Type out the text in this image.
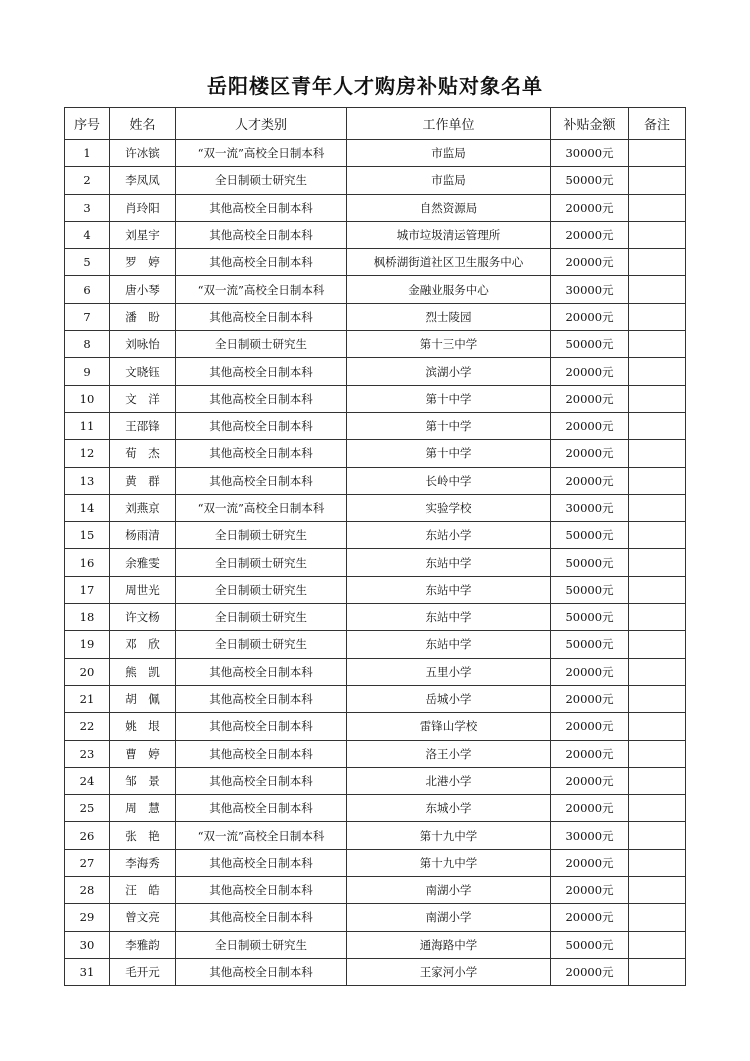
岳阳楼区青年人才购房补贴对象名单
序号	姓名	人才类别	工作单位	补贴金额	备注
1	许冰镔	“双一流”高校全日制本科	市监局	30000元	
2	李凤凤	全日制硕士研究生	市监局	50000元	
3	肖玲阳	其他高校全日制本科	自然资源局	20000元	
4	刘星宇	其他高校全日制本科	城市垃圾清运管理所	20000元	
5	罗　婷	其他高校全日制本科	枫桥湖街道社区卫生服务中心	20000元	
6	唐小琴	“双一流”高校全日制本科	金融业服务中心	30000元	
7	潘　盼	其他高校全日制本科	烈士陵园	20000元	
8	刘咏怡	全日制硕士研究生	第十三中学	50000元	
9	文晓钰	其他高校全日制本科	滨湖小学	20000元	
10	文　洋	其他高校全日制本科	第十中学	20000元	
11	王邵锋	其他高校全日制本科	第十中学	20000元	
12	荀　杰	其他高校全日制本科	第十中学	20000元	
13	黄　群	其他高校全日制本科	长岭中学	20000元	
14	刘燕京	“双一流”高校全日制本科	实验学校	30000元	
15	杨雨清	全日制硕士研究生	东站小学	50000元	
16	余雅雯	全日制硕士研究生	东站中学	50000元	
17	周世光	全日制硕士研究生	东站中学	50000元	
18	许文杨	全日制硕士研究生	东站中学	50000元	
19	邓　欣	全日制硕士研究生	东站中学	50000元	
20	熊　凯	其他高校全日制本科	五里小学	20000元	
21	胡　佩	其他高校全日制本科	岳城小学	20000元	
22	姚　垠	其他高校全日制本科	雷锋山学校	20000元	
23	曹　婷	其他高校全日制本科	洛王小学	20000元	
24	邹　景	其他高校全日制本科	北港小学	20000元	
25	周　慧	其他高校全日制本科	东城小学	20000元	
26	张　艳	“双一流”高校全日制本科	第十九中学	30000元	
27	李海秀	其他高校全日制本科	第十九中学	20000元	
28	汪　皓	其他高校全日制本科	南湖小学	20000元	
29	曾文亮	其他高校全日制本科	南湖小学	20000元	
30	李雅韵	全日制硕士研究生	通海路中学	50000元	
31	毛开元	其他高校全日制本科	王家河小学	20000元	
